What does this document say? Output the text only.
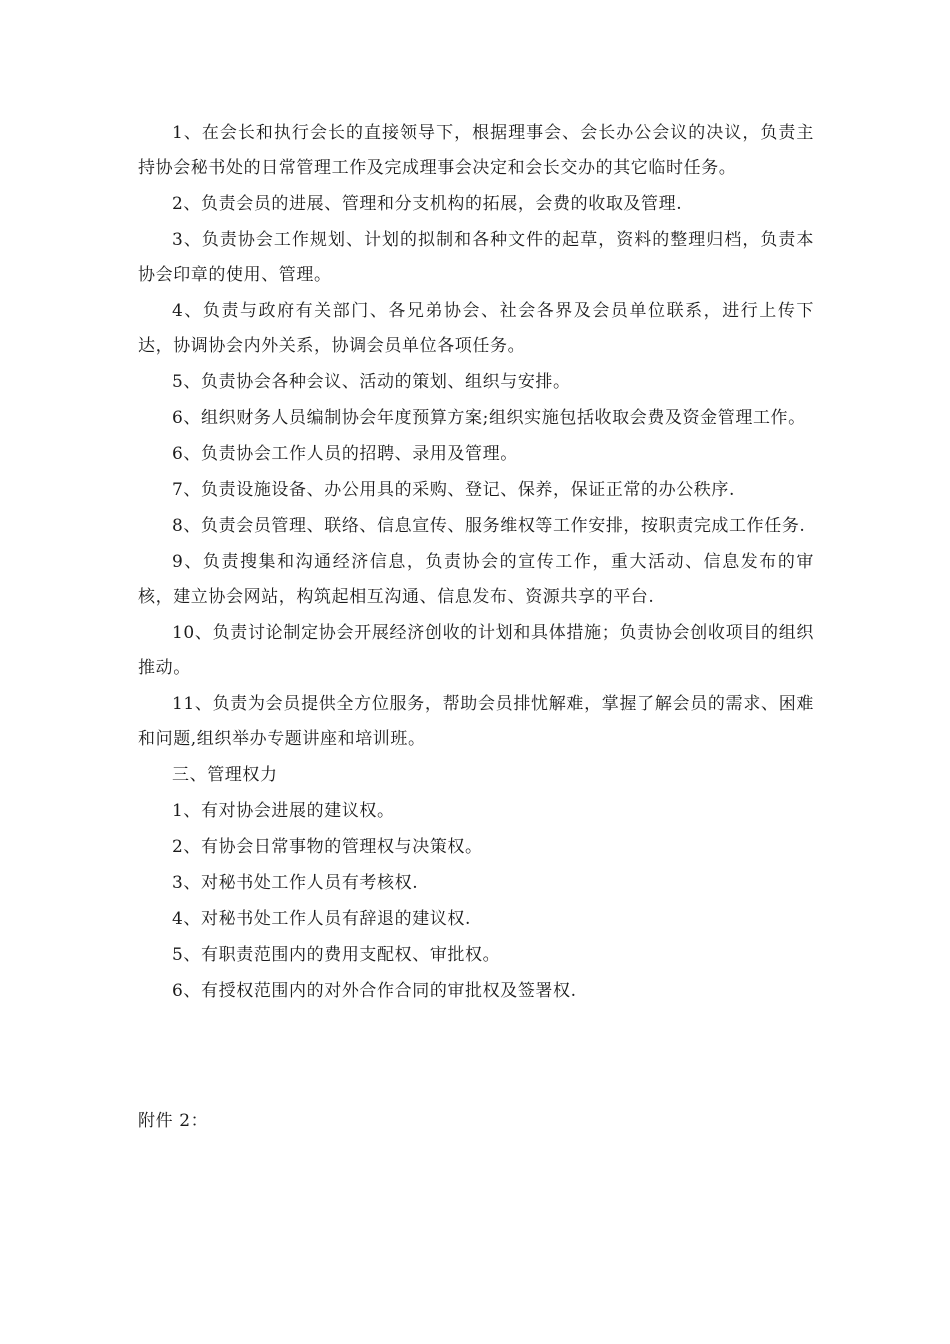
1、在会长和执行会长的直接领导下，根据理事会、会长办公会议的决议，负责主持协会秘书处的日常管理工作及完成理事会决定和会长交办的其它临时任务。

2、负责会员的进展、管理和分支机构的拓展，会费的收取及管理.

3、负责协会工作规划、计划的拟制和各种文件的起草，资料的整理归档，负责本协会印章的使用、管理。

4、负责与政府有关部门、各兄弟协会、社会各界及会员单位联系，进行上传下达，协调协会内外关系，协调会员单位各项任务。

5、负责协会各种会议、活动的策划、组织与安排。

6、组织财务人员编制协会年度预算方案;组织实施包括收取会费及资金管理工作。

6、负责协会工作人员的招聘、录用及管理。

7、负责设施设备、办公用具的采购、登记、保养，保证正常的办公秩序.

8、负责会员管理、联络、信息宣传、服务维权等工作安排，按职责完成工作任务.

9、负责搜集和沟通经济信息，负责协会的宣传工作，重大活动、信息发布的审核，建立协会网站，构筑起相互沟通、信息发布、资源共享的平台.

10、负责讨论制定协会开展经济创收的计划和具体措施；负责协会创收项目的组织推动。

11、负责为会员提供全方位服务，帮助会员排忧解难，掌握了解会员的需求、困难和问题,组织举办专题讲座和培训班。

三、管理权力

1、有对协会进展的建议权。

2、有协会日常事物的管理权与决策权。

3、对秘书处工作人员有考核权.

4、对秘书处工作人员有辞退的建议权.

5、有职责范围内的费用支配权、审批权。

6、有授权范围内的对外合作合同的审批权及签署权.

附件 2：
